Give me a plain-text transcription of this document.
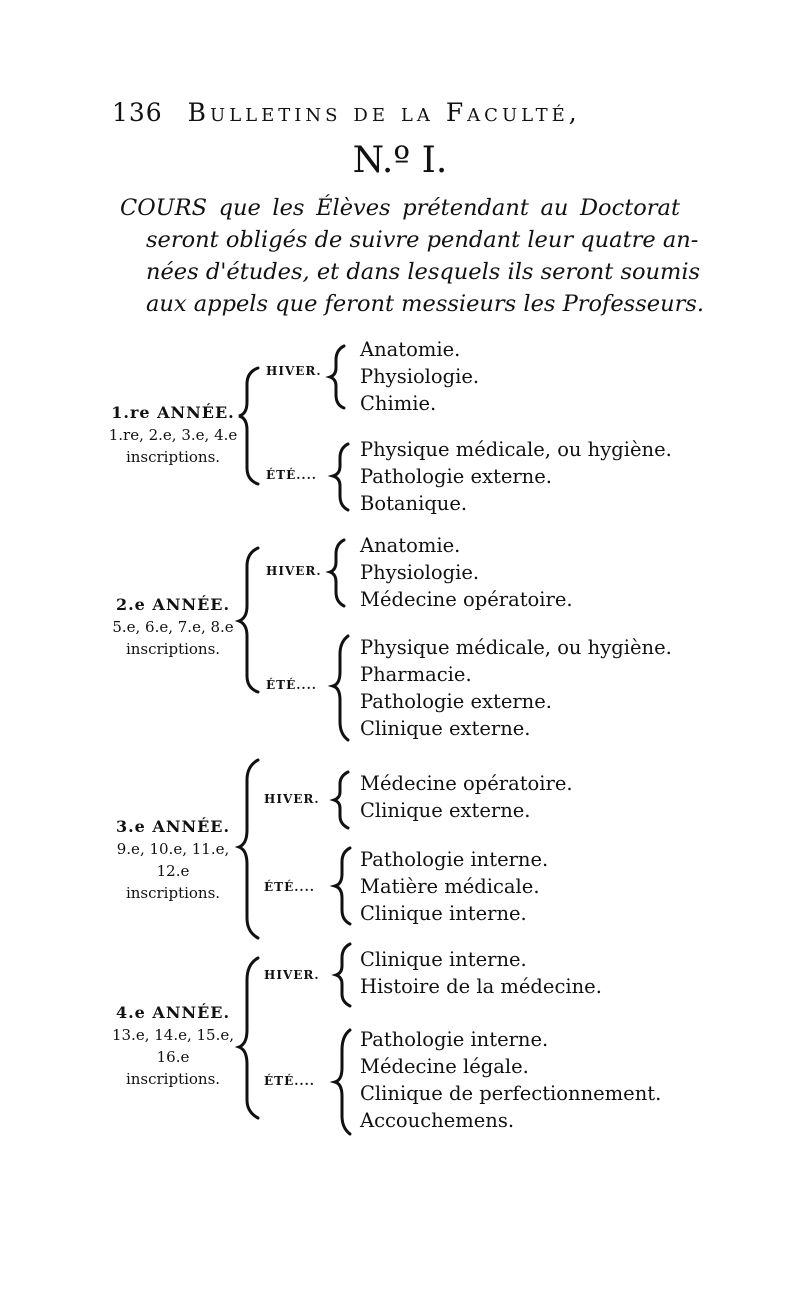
136 Bulletins de la Faculté,
N.º I.
COURS que les Élèves prétendant au Doctorat
seront obligés de suivre pendant leur quatre an-
nées d'études, et dans lesquels ils seront soumis
aux appels que feront messieurs les Professeurs.
1.re ANNÉE.
1.re, 2.e, 3.e, 4.e
inscriptions.
HIVER.
ÉTÉ....
Anatomie.
Physiologie.
Chimie.
Physique médicale, ou hygiène.
Pathologie externe.
Botanique.
2.e ANNÉE.
5.e, 6.e, 7.e, 8.e
inscriptions.
HIVER.
ÉTÉ....
Anatomie.
Physiologie.
Médecine opératoire.
Physique médicale, ou hygiène.
Pharmacie.
Pathologie externe.
Clinique externe.
3.e ANNÉE.
9.e, 10.e, 11.e,
12.e
inscriptions.
HIVER.
ÉTÉ....
Médecine opératoire.
Clinique externe.
Pathologie interne.
Matière médicale.
Clinique interne.
4.e ANNÉE.
13.e, 14.e, 15.e,
16.e
inscriptions.
HIVER.
ÉTÉ....
Clinique interne.
Histoire de la médecine.
Pathologie interne.
Médecine légale.
Clinique de perfectionnement.
Accouchemens.
